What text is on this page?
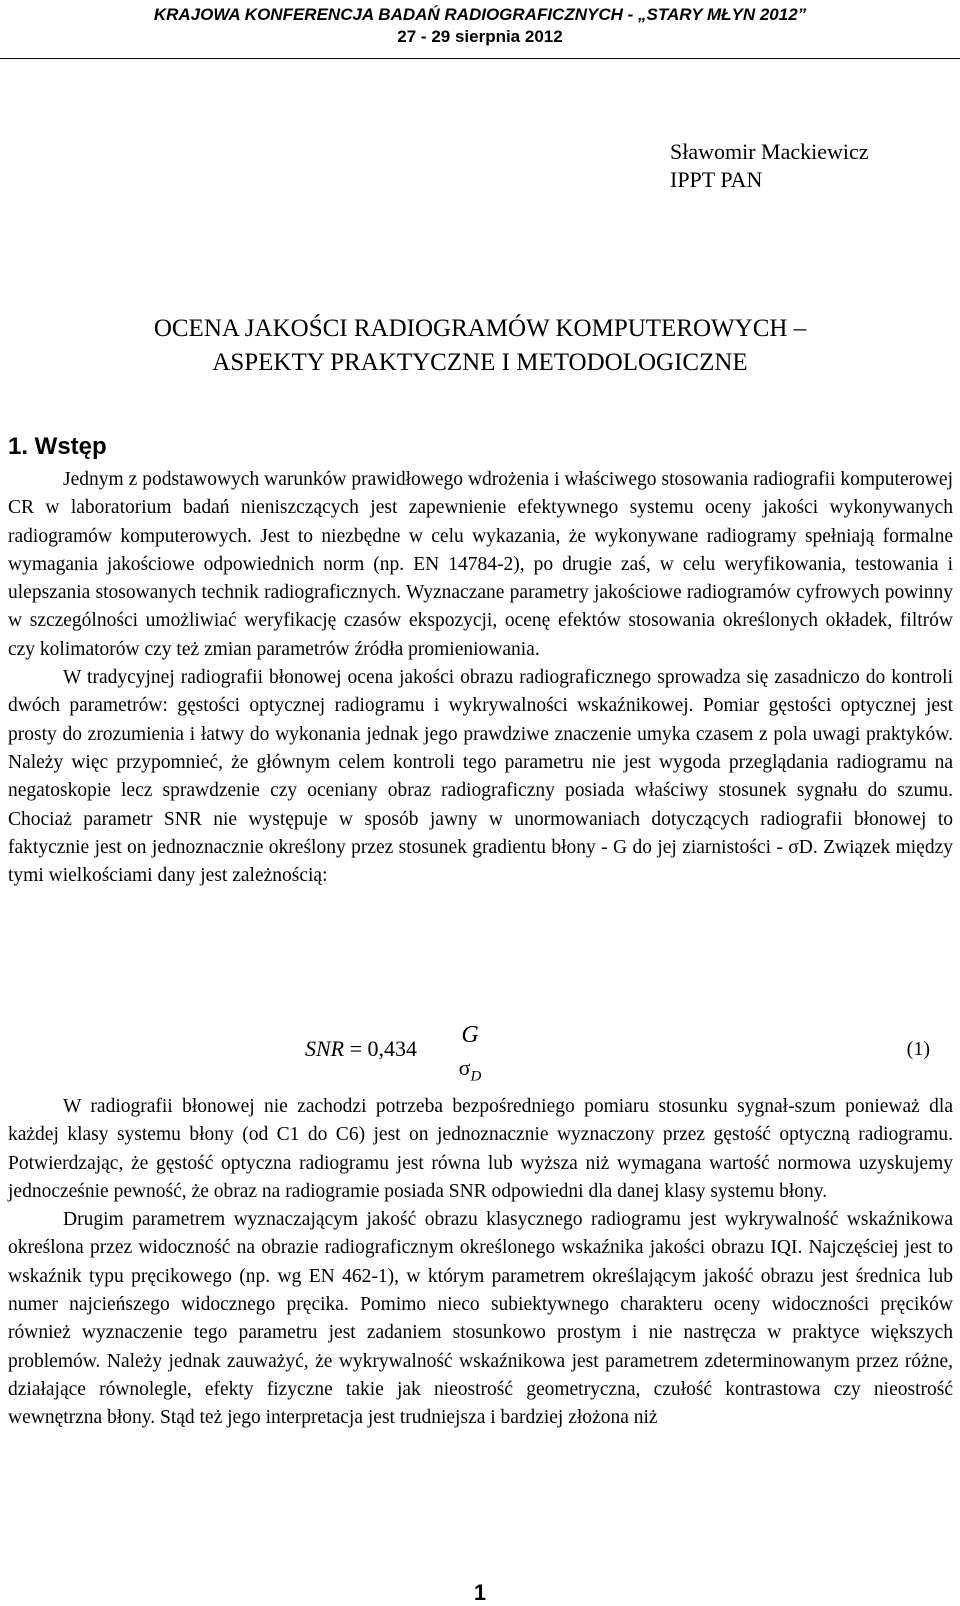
KRAJOWA KONFERENCJA BADAŃ RADIOGRAFICZNYCH - „STARY MŁYN 2012”
27 - 29 sierpnia 2012
Sławomir Mackiewicz
IPPT PAN
OCENA JAKOŚCI RADIOGRAMÓW KOMPUTEROWYCH –
ASPEKTY PRAKTYCZNE I METODOLOGICZNE
1. Wstęp

Jednym z podstawowych warunków prawidłowego wdrożenia i właściwego stosowania radiografii komputerowej CR w laboratorium badań nieniszczących jest zapewnienie efektywnego systemu oceny jakości wykonywanych radiogramów komputerowych. Jest to niezbędne w celu wykazania, że wykonywane radiogramy spełniają formalne wymagania jakościowe odpowiednich norm (np. EN 14784-2), po drugie zaś, w celu weryfikowania, testowania i ulepszania stosowanych technik radiograficznych. Wyznaczane parametry jakościowe radiogramów cyfrowych powinny w szczególności umożliwiać weryfikację czasów ekspozycji, ocenę efektów stosowania określonych okładek, filtrów czy kolimatorów czy też zmian parametrów źródła promieniowania.

W tradycyjnej radiografii błonowej ocena jakości obrazu radiograficznego sprowadza się zasadniczo do kontroli dwóch parametrów: gęstości optycznej radiogramu i wykrywalności wskaźnikowej. Pomiar gęstości optycznej jest prosty do zrozumienia i łatwy do wykonania jednak jego prawdziwe znaczenie umyka czasem z pola uwagi praktyków. Należy więc przypomnieć, że głównym celem kontroli tego parametru nie jest wygoda przeglądania radiogramu na negatoskopie lecz sprawdzenie czy oceniany obraz radiograficzny posiada właściwy stosunek sygnału do szumu. Chociaż parametr SNR nie występuje w sposób jawny w unormowaniach dotyczących radiografii błonowej to faktycznie jest on jednoznacznie określony przez stosunek gradientu błony - G do jej ziarnistości - σD. Związek między tymi wielkościami dany jest zależnością:

SNR = 0,434
G
$\sigma_D$
(1)

W radiografii błonowej nie zachodzi potrzeba bezpośredniego pomiaru stosunku sygnał-szum ponieważ dla każdej klasy systemu błony (od C1 do C6) jest on jednoznacznie wyznaczony przez gęstość optyczną radiogramu. Potwierdzając, że gęstość optyczna radiogramu jest równa lub wyższa niż wymagana wartość normowa uzyskujemy jednocześnie pewność, że obraz na radiogramie posiada SNR odpowiedni dla danej klasy systemu błony.

Drugim parametrem wyznaczającym jakość obrazu klasycznego radiogramu jest wykrywalność wskaźnikowa określona przez widoczność na obrazie radiograficznym określonego wskaźnika jakości obrazu IQI. Najczęściej jest to wskaźnik typu pręcikowego (np. wg EN 462-1), w którym parametrem określającym jakość obrazu jest średnica lub numer najcieńszego widocznego pręcika. Pomimo nieco subiektywnego charakteru oceny widoczności pręcików również wyznaczenie tego parametru jest zadaniem stosunkowo prostym i nie nastręcza w praktyce większych problemów. Należy jednak zauważyć, że wykrywalność wskaźnikowa jest parametrem zdeterminowanym przez różne, działające równolegle, efekty fizyczne takie jak nieostrość geometryczna, czułość kontrastowa czy nieostrość wewnętrzna błony. Stąd też jego interpretacja jest trudniejsza i bardziej złożona niż

1
